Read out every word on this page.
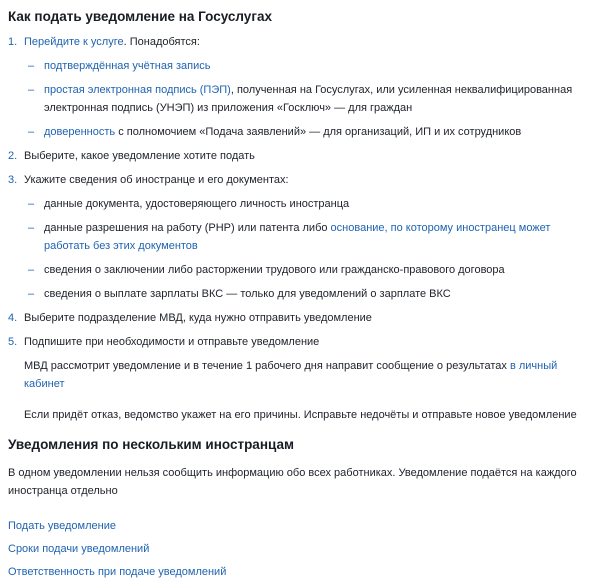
Как подать уведомление на Госуслугах
1. Перейдите к услуге. Понадобятся:
– подтверждённая учётная запись
– простая электронная подпись (ПЭП), полученная на Госуслугах, или усиленная неквалифицированная электронная подпись (УНЭП) из приложения «Госключ» — для граждан
– доверенность с полномочием «Подача заявлений» — для организаций, ИП и их сотрудников
2. Выберите, какое уведомление хотите подать
3. Укажите сведения об иностранце и его документах:
– данные документа, удостоверяющего личность иностранца
– данные разрешения на работу (РНР) или патента либо основание, по которому иностранец может работать без этих документов
– сведения о заключении либо расторжении трудового или гражданско-правового договора
– сведения о выплате зарплаты ВКС — только для уведомлений о зарплате ВКС
4. Выберите подразделение МВД, куда нужно отправить уведомление
5. Подпишите при необходимости и отправьте уведомление

МВД рассмотрит уведомление и в течение 1 рабочего дня направит сообщение о результатах в личный кабинет

Если придёт отказ, ведомство укажет на его причины. Исправьте недочёты и отправьте новое уведомление

Уведомления по нескольким иностранцам

В одном уведомлении нельзя сообщить информацию обо всех работниках. Уведомление подаётся на каждого иностранца отдельно

Подать уведомление

Сроки подачи уведомлений

Ответственность при подаче уведомлений
